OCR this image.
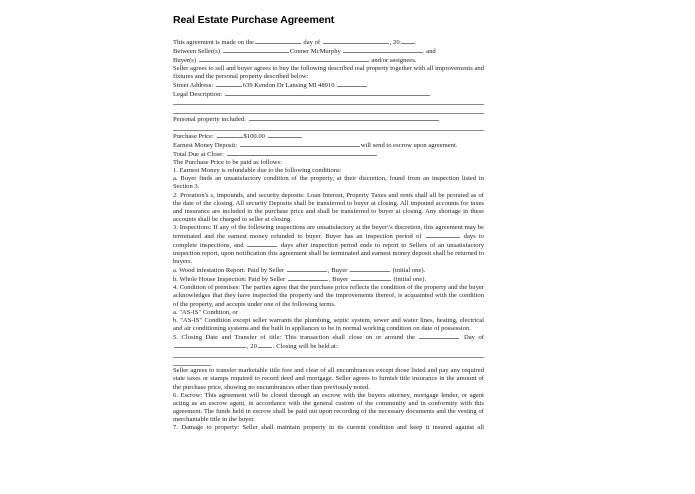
Real Estate Purchase Agreement

This agreement is made on the	day of	, 20

Between Seller(s)	Conner McMurphy	and

Buyer(s)	and/or assignees.

Seller agrees to sell and buyer agrees to buy the following described real property together with all improvements and fixtures and the personal property described below:

Street Address:	639 Kendon Dr Lansing MI 48910

Legal Description:

Personal property included:

Purchase Price:	$100.00

Earnest Money Deposit:	will send to escrow upon agreement.

Total Due at Close:

The Purchase Price to be paid as follows:

1. Earnest Money is refundable due to the following conditions:

a. Buyer finds an unsatisfactory condition of the property, at their discretion, found from an inspection listed in Section 3.

2. Proration's s, impounds, and security deposits: Loan Interest, Property Taxes and rents shall all be prorated as of the date of the closing. All security Deposits shall be transferred to buyer at closing. All impound accounts for taxes and insurance are included in the purchase price and shall be transferred to buyer at closing. Any shortage in these accounts shall be charged to seller at closing.

3. Inspections: If any of the following inspections are unsatisfactory at the buyer\'s discretion, this agreement may be terminated and the earnest money refunded to buyer. Buyer has an inspection period of	days to complete inspections, and	days after inspection period ends to report to Sellers of an unsatisfactory inspection report, upon notification this agreement shall be terminated and earnest money deposit shall be returned to buyers.

a. Wood infestation Report: Paid by Seller	, Buyer	(initial one).

b. Whole House Inspection: Paid by Seller	, Buyer	(initial one).

4. Condition of premises: The parties agree that the purchase price reflects the condition of the property and the buyer acknowledges that they have inspected the property and the improvements thereof, is acquainted with the condition of the property, and accepts under one of the following terms.

a. "AS-IS" Condition, or

b. "AS-IS" Condition except seller warrants the plumbing, septic system, sewer and water lines, heating, electrical and air conditioning systems and the built in appliances to be in normal working condition on date of possession.

5. Closing Date and Transfer of title: This transaction shall close on or around the	Day of

, 20 . Closing will be held at:

Seller agrees to transfer marketable title free and clear of all encumbrances except those listed and pay any required state taxes or stamps required to record deed and mortgage. Seller agrees to furnish title insurance in the amount of the purchase price, showing no encumbrances other than previously noted.

6. Escrow: This agreement will be closed through an escrow with the buyers attorney, mortgage lender, or agent acting as an escrow agent, in accordance with the general custom of the community and in conformity with this agreement. The funds held in escrow shall be paid out upon recording of the necessary documents and the vesting of merchantable title in the buyer.

7. Damage to property: Seller shall maintain property in its current condition and keep it insured against all
